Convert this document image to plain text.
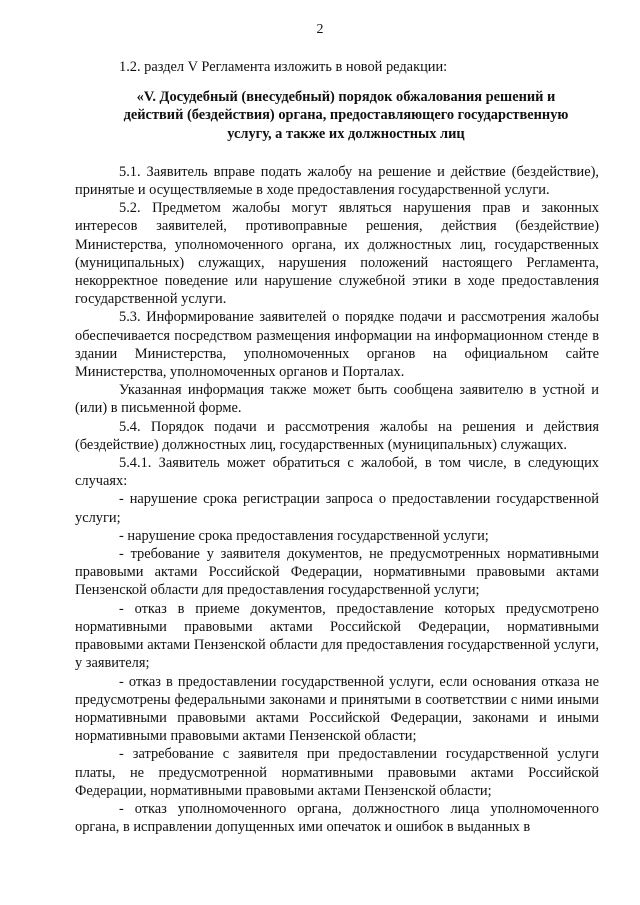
2

1.2. раздел V Регламента изложить в новой редакции:

«V. Досудебный (внесудебный) порядок обжалования решений и действий (бездействия) органа, предоставляющего государственную услугу, а также их должностных лиц

5.1. Заявитель вправе подать жалобу на решение и действие (бездействие), принятые и осуществляемые в ходе предоставления государственной услуги.

5.2. Предметом жалобы могут являться нарушения прав и законных интересов заявителей, противоправные решения, действия (бездействие) Министерства, уполномоченного органа, их должностных лиц, государственных (муниципальных) служащих, нарушения положений настоящего Регламента, некорректное поведение или нарушение служебной этики в ходе предоставления государственной услуги.

5.3. Информирование заявителей о порядке подачи и рассмотрения жалобы обеспечивается посредством размещения информации на информационном стенде в здании Министерства, уполномоченных органов на официальном сайте Министерства, уполномоченных органов и Порталах.

Указанная информация также может быть сообщена заявителю в устной и (или) в письменной форме.

5.4. Порядок подачи и рассмотрения жалобы на решения и действия (бездействие) должностных лиц, государственных (муниципальных) служащих.

5.4.1. Заявитель может обратиться с жалобой, в том числе, в следующих случаях:

- нарушение срока регистрации запроса о предоставлении государственной услуги;

- нарушение срока предоставления государственной услуги;

- требование у заявителя документов, не предусмотренных нормативными правовыми актами Российской Федерации, нормативными правовыми актами Пензенской области для предоставления государственной услуги;

- отказ в приеме документов, предоставление которых предусмотрено нормативными правовыми актами Российской Федерации, нормативными правовыми актами Пензенской области для предоставления государственной услуги, у заявителя;

- отказ в предоставлении государственной услуги, если основания отказа не предусмотрены федеральными законами и принятыми в соответствии с ними иными нормативными правовыми актами Российской Федерации, законами и иными нормативными правовыми актами Пензенской области;

- затребование с заявителя при предоставлении государственной услуги платы, не предусмотренной нормативными правовыми актами Российской Федерации, нормативными правовыми актами Пензенской области;

- отказ уполномоченного органа, должностного лица уполномоченного органа, в исправлении допущенных ими опечаток и ошибок в выданных в
